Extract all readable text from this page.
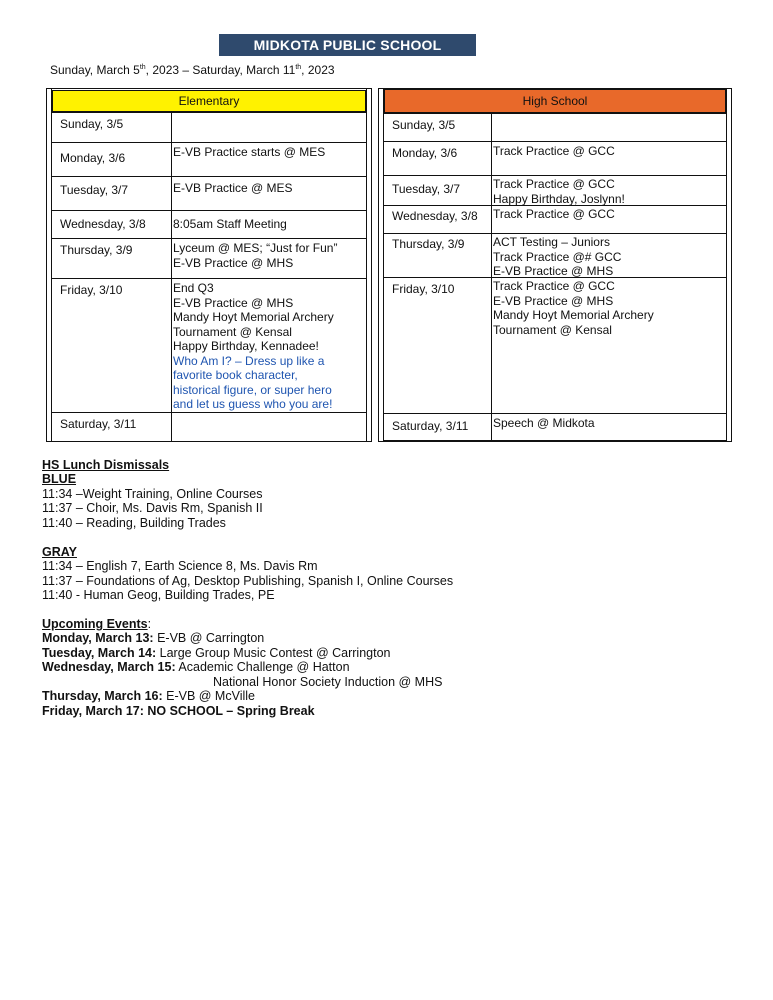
MIDKOTA PUBLIC SCHOOL
Sunday, March 5th, 2023 – Saturday, March 11th, 2023
Elementary
Sunday, 3/5
Monday, 3/6	E-VB Practice starts @ MES
Tuesday, 3/7	E-VB Practice @ MES
Wednesday, 3/8	8:05am Staff Meeting
Thursday, 3/9	Lyceum @ MES; “Just for Fun”
E-VB Practice @ MHS
Friday, 3/10	End Q3
E-VB Practice @ MHS
Mandy Hoyt Memorial Archery
Tournament @ Kensal
Happy Birthday, Kennadee!
Who Am I? – Dress up like a
favorite book character,
historical figure, or super hero
and let us guess who you are!
Saturday, 3/11
High School
Sunday, 3/5
Monday, 3/6	Track Practice @ GCC
Tuesday, 3/7	Track Practice @ GCC
Happy Birthday, Joslynn!
Wednesday, 3/8	Track Practice @ GCC
Thursday, 3/9	ACT Testing – Juniors
Track Practice @# GCC
E-VB Practice @ MHS
Friday, 3/10	Track Practice @ GCC
E-VB Practice @ MHS
Mandy Hoyt Memorial Archery
Tournament @ Kensal
Saturday, 3/11	Speech @ Midkota
HS Lunch Dismissals
BLUE
11:34 –Weight Training, Online Courses
11:37 – Choir, Ms. Davis Rm, Spanish II
11:40 – Reading, Building Trades
GRAY
11:34 – English 7, Earth Science 8, Ms. Davis Rm
11:37 – Foundations of Ag, Desktop Publishing, Spanish I, Online Courses
11:40 - Human Geog, Building Trades, PE
Upcoming Events:
Monday, March 13: E-VB @ Carrington
Tuesday, March 14: Large Group Music Contest @ Carrington
Wednesday, March 15: Academic Challenge @ Hatton
National Honor Society Induction @ MHS
Thursday, March 16: E-VB @ McVille
Friday, March 17: NO SCHOOL – Spring Break
